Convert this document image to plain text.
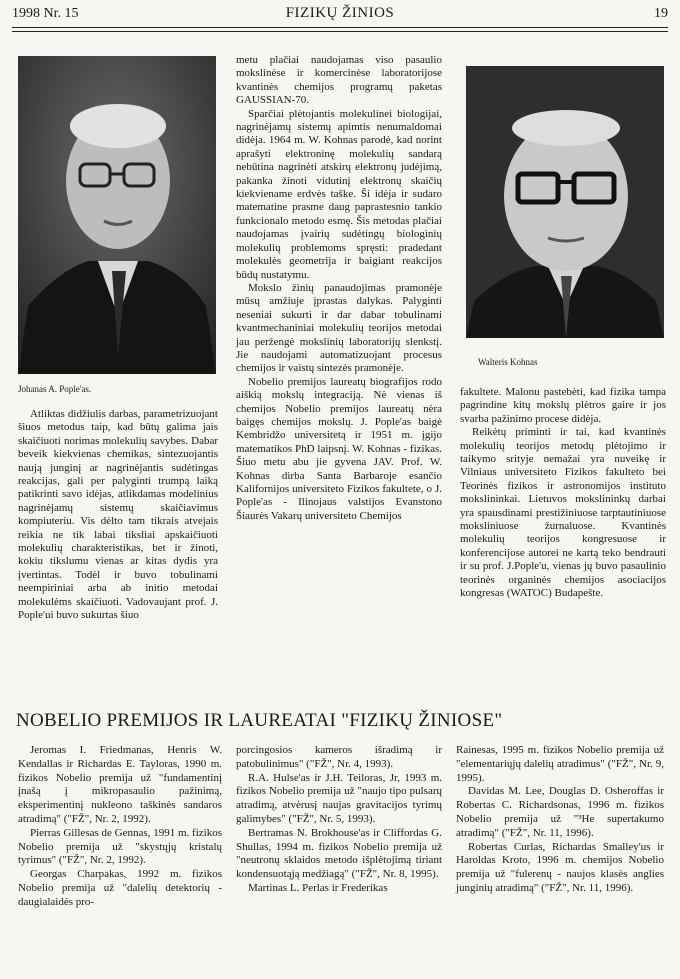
1998 Nr. 15	FIZIKŲ ŽINIOS	19
Johanas A. Pople'as.
Walteris Kohnas

Atliktas didžiulis darbas, parametrizuojant šiuos metodus taip, kad būtų galima jais skaičiuoti norimas molekulių savybes. Dabar beveik kiekvienas chemikas, sintezuojantis naują junginį ar nagrinėjantis sudėtingas reakcijas, gali per palyginti trumpą laiką patikrinti savo idėjas, atlikdamas modelinius nagrinėjamų sistemų skaičiavimus kompiuteriu. Vis dėlto tam tikrais atvejais reikia ne tik labai tiksliai apskaičiuoti molekulių charakteristikas, bet ir žinoti, kokiu tikslumu vienas ar kitas dydis yra įvertintas. Todėl ir buvo tobulinami neempiriniai arba ab initio metodai molekulėms skaičiuoti. Vadovaujant prof. J. Pople'ui buvo sukurtas šiuo

metu plačiai naudojamas viso pasaulio mokslinėse ir komercinėse laboratorijose kvantinės chemijos programų paketas GAUSSIAN-70.

Sparčiai plėtojantis molekulinei biologijai, nagrinėjamų sistemų apimtis nenumaldomai didėja. 1964 m. W. Kohnas parodė, kad norint aprašyti elektroninę molekulių sandarą nebūtina nagrinėti atskirų elektronų judėjimą, pakanka žinoti vidutinį elektronų skaičių kiekviename erdvės taške. Ši idėja ir sudaro matematine prasme daug paprastesnio tankio funkcionalo metodo esmę. Šis metodas plačiai naudojamas įvairių sudėtingų biologinių molekulių problemoms spręsti: pradedant molekulės geometrija ir baigiant reakcijos būdų nustatymu.

Mokslo žinių panaudojimas pramonėje mūsų amžiuje įprastas dalykas. Palyginti neseniai sukurti ir dar dabar tobulinami kvantmechaniniai molekulių teorijos metodai jau peržengė mokslinių laboratorijų slenkstį. Jie naudojami automatizuojant procesus chemijos ir vaistų sintezės pramonėje.

Nobelio premijos laureatų biografijos rodo aiškią mokslų integraciją. Nė vienas iš chemijos Nobelio premijos laureatų nėra baigęs chemijos mokslų. J. Pople'as baigė Kembridžo universitetą ir 1951 m. įgijo matematikos PhD laipsnį. W. Kohnas - fizikas. Šiuo metu abu jie gyvena JAV. Prof. W. Kohnas dirba Santa Barbaroje esančio Kalifornijos universiteto Fizikos fakultete, o J. Pople'as - Ilinojaus valstijos Evanstono Šiaurės Vakarų universiteto Chemijos

fakultete. Malonu pastebėti, kad fizika tampa pagrindine kitų mokslų plėtros gaire ir jos svarba pažinimo procese didėja.

Reikėtų priminti ir tai, kad kvantinės molekulių teorijos metodų plėtojimo ir taikymo srityje nemažai yra nuveikę ir Vilniaus universiteto Fizikos fakulteto bei Teorinės fizikos ir astronomijos instituto mokslininkai. Lietuvos mokslininkų darbai yra spausdinami prestižiniuose tarptautiniuose moksliniuose žurnaluose. Kvantinės molekulių teorijos kongresuose ir konferencijose autorei ne kartą teko bendrauti ir su prof. J.Pople'u, vienas jų buvo pasaulinio teorinės organinės chemijos asociacijos kongresas (WATOC) Budapešte.

NOBELIO PREMIJOS IR LAUREATAI "FIZIKŲ ŽINIOSE"

Jeromas I. Friedmanas, Henris W. Kendallas ir Richardas E. Tayloras, 1990 m. fizikos Nobelio premija už "fundamentinį įnašą į mikropasaulio pažinimą, eksperimentinį nukleono taškinės sandaros atradimą" ("FŽ", Nr. 2, 1992).

Pierras Gillesas de Gennas, 1991 m. fizikos Nobelio premija už "skystųjų kristalų tyrimus" ("FŽ", Nr. 2, 1992).

Georgas Charpakas, 1992 m. fizikos Nobelio premija už "dalelių detektorių - daugialaidės pro-

porcingosios kameros išradimą ir patobulinimus" ("FŽ", Nr. 4, 1993).

R.A. Hulse'as ir J.H. Teiloras, Jr, 1993 m. fizikos Nobelio premija už "naujo tipo pulsarų atradimą, atvėrusį naujas gravitacijos tyrimų galimybes" ("FŽ", Nr. 5, 1993).

Bertramas N. Brokhouse'as ir Cliffordas G. Shullas, 1994 m. fizikos Nobelio premija už "neutronų sklaidos metodo išplėtojimą tiriant kondensuotąją medžiagą" ("FŽ", Nr. 8, 1995).

Martinas L. Perlas ir Frederikas

Rainesas, 1995 m. fizikos Nobelio premija už "elementariųjų dalelių atradimus" ("FŽ", Nr. 9, 1995).

Davidas M. Lee, Douglas D. Osheroffas ir Robertas C. Richardsonas, 1996 m. fizikos Nobelio premija už "³He supertakumo atradimą" ("FŽ", Nr. 11, 1996).

Robertas Curlas, Richardas Smalley'us ir Haroldas Kroto, 1996 m. chemijos Nobelio premija už "fulerenų - naujos klasės anglies junginių atradimą" ("FŽ", Nr. 11, 1996).
